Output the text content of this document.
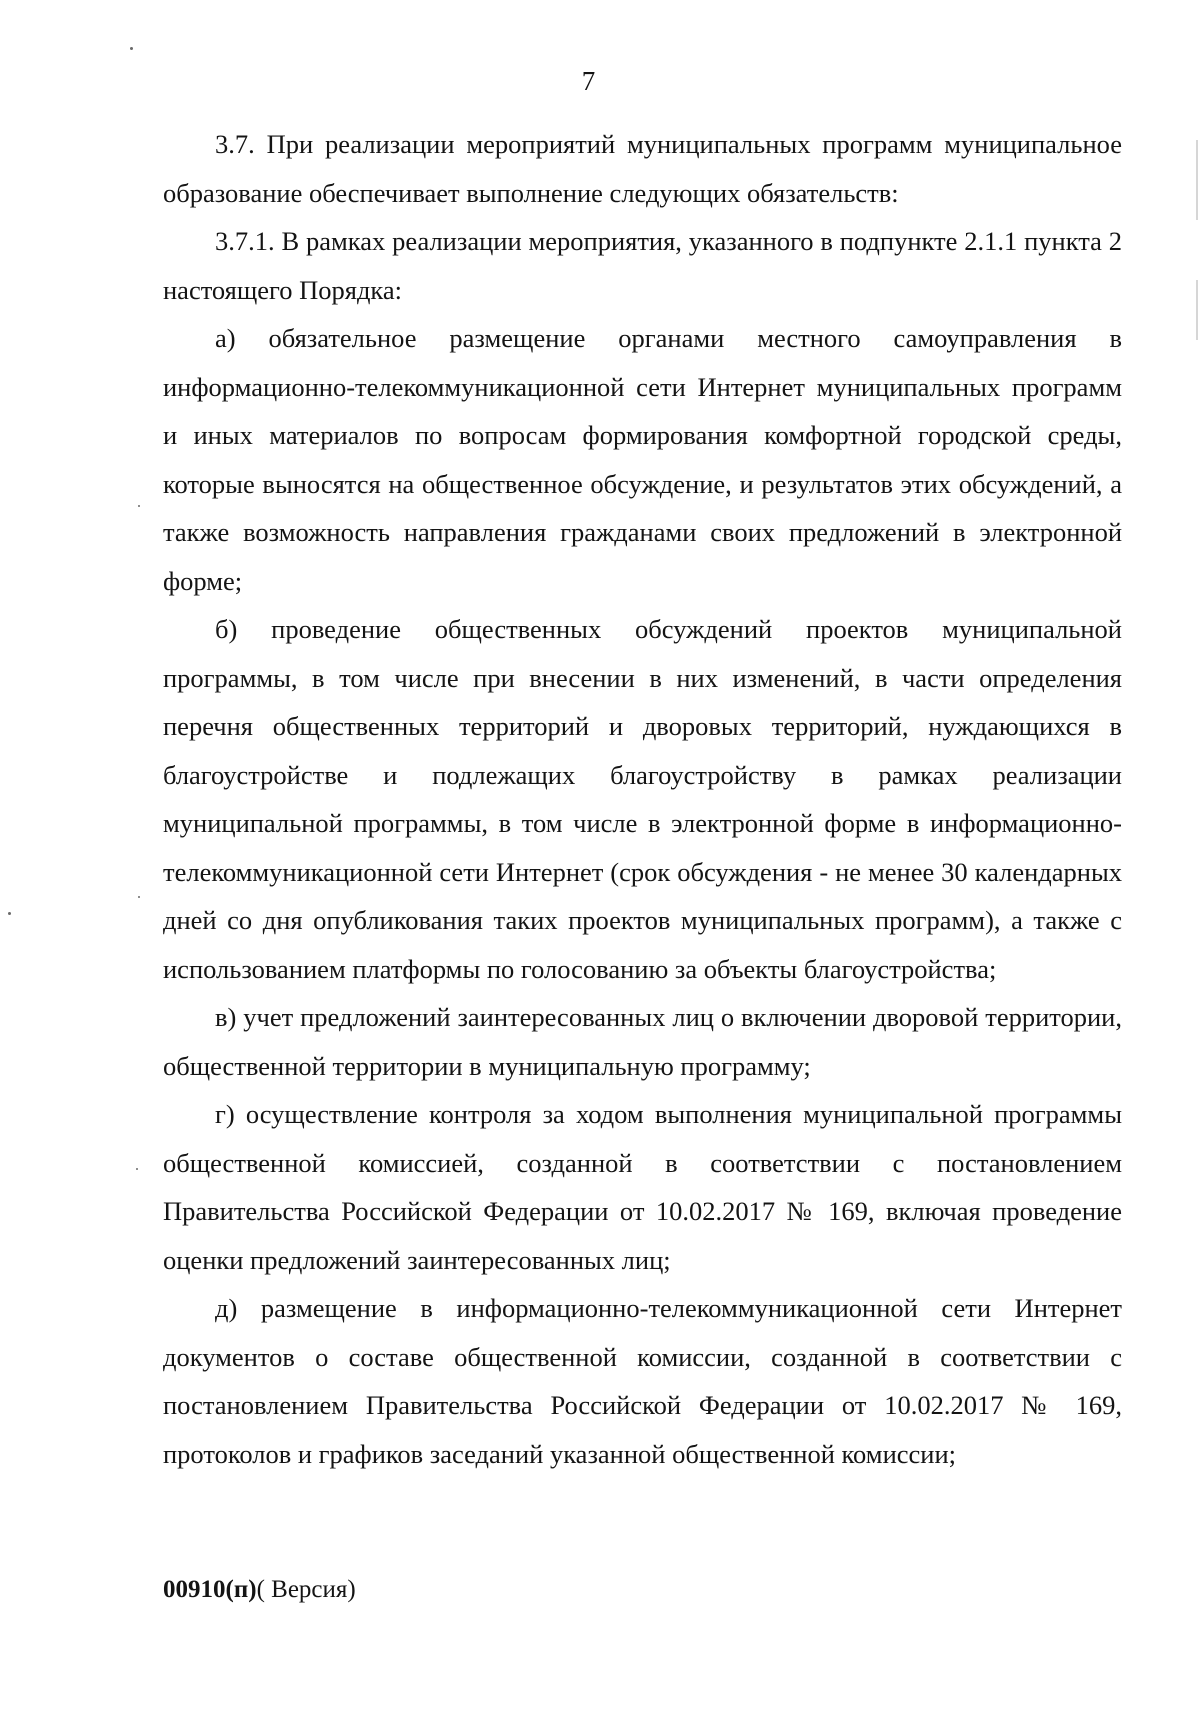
7

3.7. При реализации мероприятий муниципальных программ муниципальное образование обеспечивает выполнение следующих обязательств:

3.7.1. В рамках реализации мероприятия, указанного в подпункте 2.1.1 пункта 2 настоящего Порядка:

а) обязательное размещение органами местного самоуправления в информационно-телекоммуникационной сети Интернет муниципальных программ и иных материалов по вопросам формирования комфортной городской среды, которые выносятся на общественное обсуждение, и результатов этих обсуждений, а также возможность направления гражданами своих предложений в электронной форме;

б) проведение общественных обсуждений проектов муниципальной программы, в том числе при внесении в них изменений, в части определения перечня общественных территорий и дворовых территорий, нуждающихся в благоустройстве и подлежащих благоустройству в рамках реализации муниципальной программы, в том числе в электронной форме в информационно-телекоммуникационной сети Интернет (срок обсуждения - не менее 30 календарных дней со дня опубликования таких проектов муниципальных программ), а также с использованием платформы по голосованию за объекты благоустройства;

в) учет предложений заинтересованных лиц о включении дворовой территории, общественной территории в муниципальную программу;

г) осуществление контроля за ходом выполнения муниципальной программы общественной комиссией, созданной в соответствии с постановлением Правительства Российской Федерации от 10.02.2017 № 169, включая проведение оценки предложений заинтересованных лиц;

д) размещение в информационно-телекоммуникационной сети Интернет документов о составе общественной комиссии, созданной в соответствии с постановлением Правительства Российской Федерации от 10.02.2017 № 169, протоколов и графиков заседаний указанной общественной комиссии;

00910(п)( Версия)
